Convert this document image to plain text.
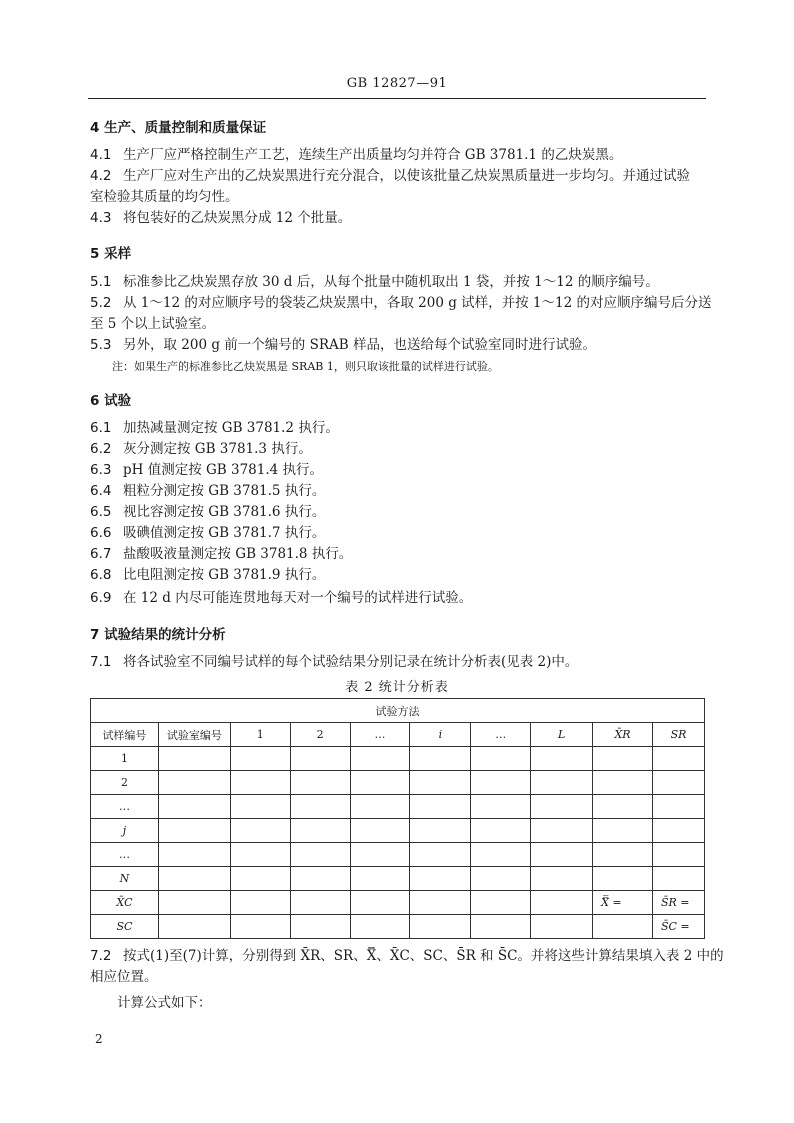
GB 12827—91
4 生产、质量控制和质量保证
4.1 生产厂应严格控制生产工艺，连续生产出质量均匀并符合 GB 3781.1 的乙炔炭黑。
4.2 生产厂应对生产出的乙炔炭黑进行充分混合，以使该批量乙炔炭黑质量进一步均匀。并通过试验
室检验其质量的均匀性。
4.3 将包装好的乙炔炭黑分成 12 个批量。
5 采样
5.1 标准参比乙炔炭黑存放 30 d 后，从每个批量中随机取出 1 袋，并按 1～12 的顺序编号。
5.2 从 1～12 的对应顺序号的袋装乙炔炭黑中，各取 200 g 试样，并按 1～12 的对应顺序编号后分送
至 5 个以上试验室。
5.3 另外，取 200 g 前一个编号的 SRAB 样品，也送给每个试验室同时进行试验。
注：如果生产的标准参比乙炔炭黑是 SRAB 1，则只取该批量的试样进行试验。
6 试验
6.1 加热减量测定按 GB 3781.2 执行。
6.2 灰分测定按 GB 3781.3 执行。
6.3 pH 值测定按 GB 3781.4 执行。
6.4 粗粒分测定按 GB 3781.5 执行。
6.5 视比容测定按 GB 3781.6 执行。
6.6 吸碘值测定按 GB 3781.7 执行。
6.7 盐酸吸液量测定按 GB 3781.8 执行。
6.8 比电阻测定按 GB 3781.9 执行。
6.9 在 12 d 内尽可能连贯地每天对一个编号的试样进行试验。
7 试验结果的统计分析
7.1 将各试验室不同编号试样的每个试验结果分别记录在统计分析表(见表 2)中。
表 2 统计分析表
试验方法									
试样编号	试验室编号	1	2	…	i	…	L	X̄R	SR
1									
2									
…									
j									
…									
N									
X̄C								X̿ =	S̄R =
SC									S̄C =
7.2 按式(1)至(7)计算，分别得到 X̄R、SR、X̿、X̄C、SC、S̄R 和 S̄C。并将这些计算结果填入表 2 中的
相应位置。
计算公式如下：
2
